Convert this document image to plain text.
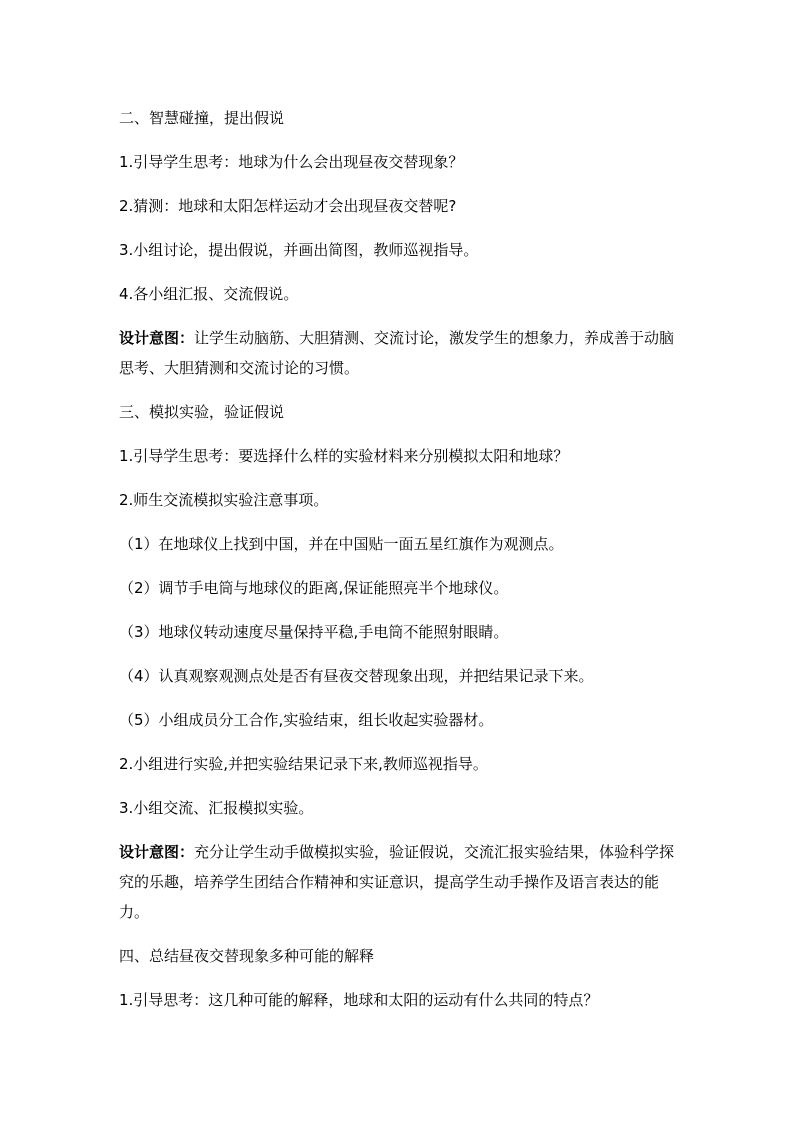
二、智慧碰撞，提出假说

1.引导学生思考：地球为什么会出现昼夜交替现象？

2.猜测：地球和太阳怎样运动才会出现昼夜交替呢?

3.小组讨论，提出假说，并画出简图，教师巡视指导。

4.各小组汇报、交流假说。

设计意图：让学生动脑筋、大胆猜测、交流讨论，激发学生的想象力，养成善于动脑思考、大胆猜测和交流讨论的习惯。

三、模拟实验，验证假说

1.引导学生思考：要选择什么样的实验材料来分别模拟太阳和地球？

2.师生交流模拟实验注意事项。

（1）在地球仪上找到中国，并在中国贴一面五星红旗作为观测点。

（2）调节手电筒与地球仪的距离,保证能照亮半个地球仪。

（3）地球仪转动速度尽量保持平稳,手电筒不能照射眼睛。

（4）认真观察观测点处是否有昼夜交替现象出现，并把结果记录下来。

（5）小组成员分工合作,实验结束，组长收起实验器材。

2.小组进行实验,并把实验结果记录下来,教师巡视指导。

3.小组交流、汇报模拟实验。

设计意图：充分让学生动手做模拟实验，验证假说，交流汇报实验结果，体验科学探究的乐趣，培养学生团结合作精神和实证意识，提高学生动手操作及语言表达的能力。

四、总结昼夜交替现象多种可能的解释

1.引导思考：这几种可能的解释，地球和太阳的运动有什么共同的特点？
